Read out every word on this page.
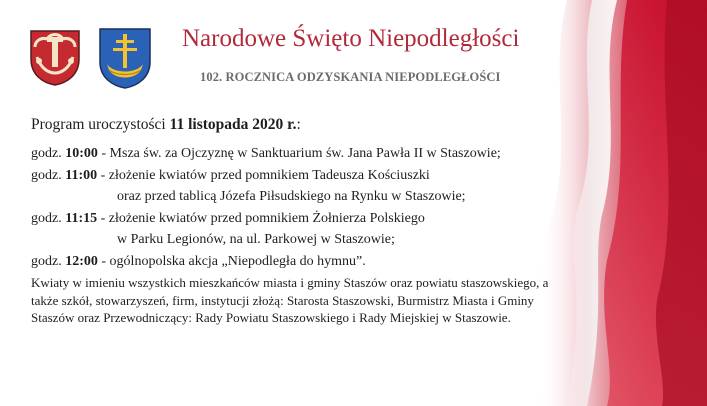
Narodowe Święto Niepodległości
102. ROCZNICA ODZYSKANIA NIEPODLEGŁOŚCI

Program uroczystości 11 listopada 2020 r.:

godz. 10:00 - Msza św. za Ojczyznę w Sanktuarium św. Jana Pawła II w Staszowie;
godz. 11:00 - złożenie kwiatów przed pomnikiem Tadeusza Kościuszki
oraz przed tablicą Józefa Piłsudskiego na Rynku w Staszowie;
godz. 11:15 - złożenie kwiatów przed pomnikiem Żołnierza Polskiego
w Parku Legionów, na ul. Parkowej w Staszowie;
godz. 12:00 - ogólnopolska akcja „Niepodległa do hymnu”.

Kwiaty w imieniu wszystkich mieszkańców miasta i gminy Staszów oraz powiatu staszowskiego, a także szkół, stowarzyszeń, firm, instytucji złożą: Starosta Staszowski, Burmistrz Miasta i Gminy Staszów oraz Przewodniczący: Rady Powiatu Staszowskiego i Rady Miejskiej w Staszowie.
